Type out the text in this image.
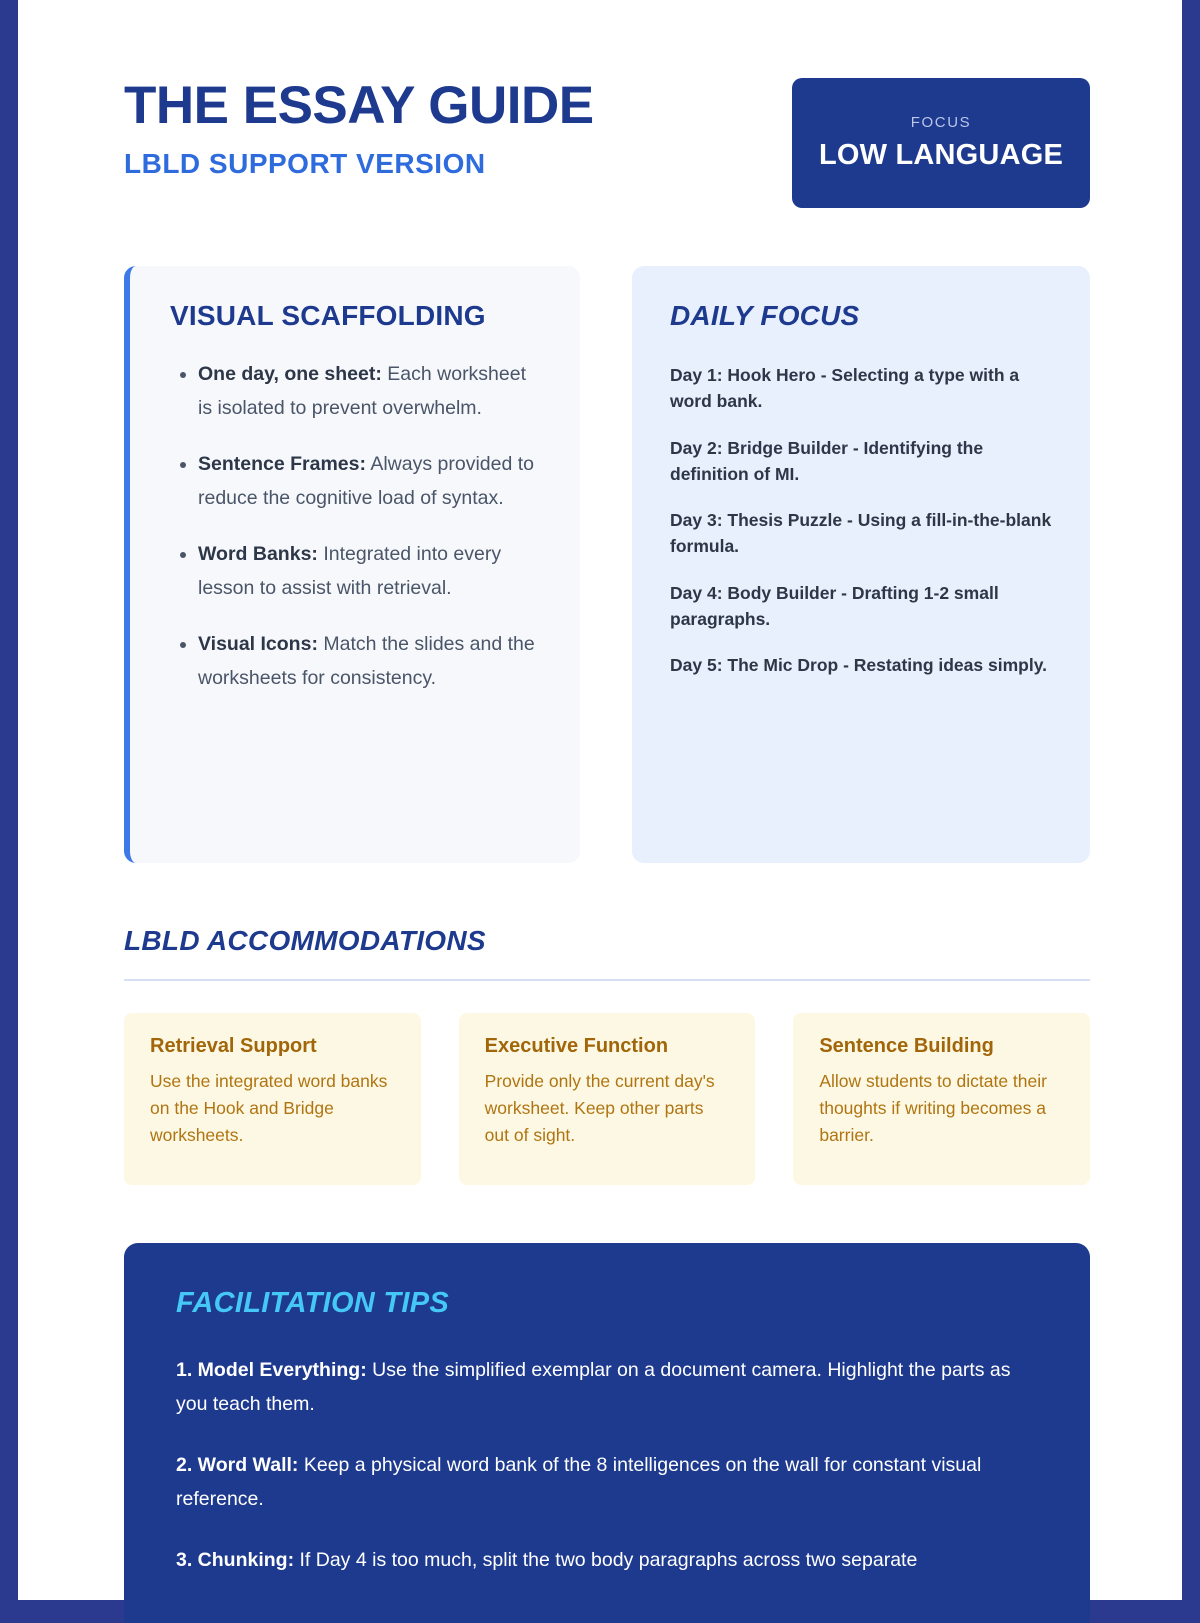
THE ESSAY GUIDE
LBLD SUPPORT VERSION
FOCUS
LOW LANGUAGE
VISUAL SCAFFOLDING
• One day, one sheet: Each worksheet is isolated to prevent overwhelm.
• Sentence Frames: Always provided to reduce the cognitive load of syntax.
• Word Banks: Integrated into every lesson to assist with retrieval.
• Visual Icons: Match the slides and the worksheets for consistency.
DAILY FOCUS
Day 1: Hook Hero - Selecting a type with a word bank.
Day 2: Bridge Builder - Identifying the definition of MI.
Day 3: Thesis Puzzle - Using a fill-in-the-blank formula.
Day 4: Body Builder - Drafting 1-2 small paragraphs.
Day 5: The Mic Drop - Restating ideas simply.
LBLD ACCOMMODATIONS
Retrieval Support

Use the integrated word banks on the Hook and Bridge worksheets.

Executive Function

Provide only the current day's worksheet. Keep other parts out of sight.

Sentence Building

Allow students to dictate their thoughts if writing becomes a barrier.

FACILITATION TIPS
1. Model Everything: Use the simplified exemplar on a document camera. Highlight the parts as you teach them.
2. Word Wall: Keep a physical word bank of the 8 intelligences on the wall for constant visual reference.
3. Chunking: If Day 4 is too much, split the two body paragraphs across two separate
